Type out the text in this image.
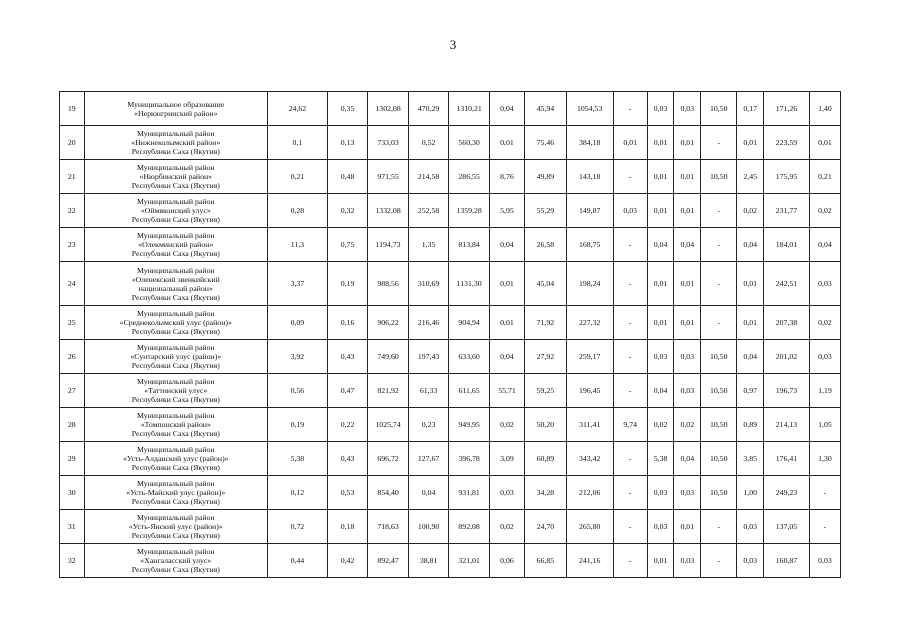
3
19	Муниципальное образование
«Нерюнгринский район»	24,62	0,35	1302,08	470,29	1310,21	0,04	45,94	1054,53	-	0,03	0,03	10,50	0,17	171,26	1,40
20	Муниципальный район
«Нижнеколымский район»
Республики Саха (Якутия)	0,1	0,13	733,03	0,52	560,30	0,01	75,46	384,18	0,01	0,01	0,01	-	0,01	223,59	0,01
21	Муниципальный район
«Нюрбинский район»
Республики Саха (Якутия)	0,21	0,48	971,55	214,58	286,55	8,76	49,89	143,18	-	0,01	0,01	10,50	2,45	175,95	0,21
22	Муниципальный район
«Оймяконский улус»
Республики Саха (Якутия)	0,28	0,32	1332,08	252,58	1359,28	5,95	55,29	149,87	0,03	0,01	0,01	-	0,02	231,77	0,02
23	Муниципальный район
«Олекминский район»
Республики Саха (Якутия)	11,3	0,75	1194,73	1,35	813,84	0,04	26,58	168,75	-	0,04	0,04	-	0,04	184,01	0,04
24	Муниципальный район
«Оленекский эвенкийский
национальный район»
Республики Саха (Якутия)	3,37	0,19	988,56	310,69	1131,30	0,01	45,04	198,24	-	0,01	0,01	-	0,01	242,51	0,03
25	Муниципальный район
«Среднеколымский улус (район)»
Республики Саха (Якутия)	0,09	0,16	906,22	216,46	904,94	0,01	71,92	227,32	-	0,01	0,01	-	0,01	207,38	0,02
26	Муниципальный район
«Сунтарский улус (район)»
Республики Саха (Якутия)	3,92	0,43	749,60	197,43	633,60	0,04	27,92	259,17	-	0,03	0,03	10,50	0,04	201,02	0,03
27	Муниципальный район
«Таттинский улус»
Республики Саха (Якутия)	0,56	0,47	821,92	61,33	611,65	55,71	59,25	196,45	-	0,04	0,03	10,50	0,97	196,73	1,19
28	Муниципальный район
«Томпонский район»
Республики Саха (Якутия)	0,19	0,22	1025,74	0,23	949,95	0,02	50,20	311,41	9,74	0,02	0,02	10,50	0,89	214,13	1,05
29	Муниципальный район
«Усть-Алданский улус (район)»
Республики Саха (Якутия)	5,38	0,43	696,72	127,67	396,78	3,09	60,89	343,42	-	5,38	0,04	10,50	3,85	176,41	1,30
30	Муниципальный район
«Усть-Майский улус (район)»
Республики Саха (Якутия)	0,12	0,53	854,40	0,04	931,81	0,03	34,28	212,06	-	0,03	0,03	10,50	1,00	249,23	-
31	Муниципальный район
«Усть-Янский улус (район)»
Республики Саха (Якутия)	0,72	0,18	718,63	100,90	892,08	0,02	24,70	265,80	-	0,03	0,01	-	0,03	137,05	-
32	Муниципальный район
«Хангаласский улус»
Республики Саха (Якутия)	0,44	0,42	892,47	38,81	321,01	0,06	66,85	241,16	-	0,01	0,03	-	0,03	160,87	0,03
